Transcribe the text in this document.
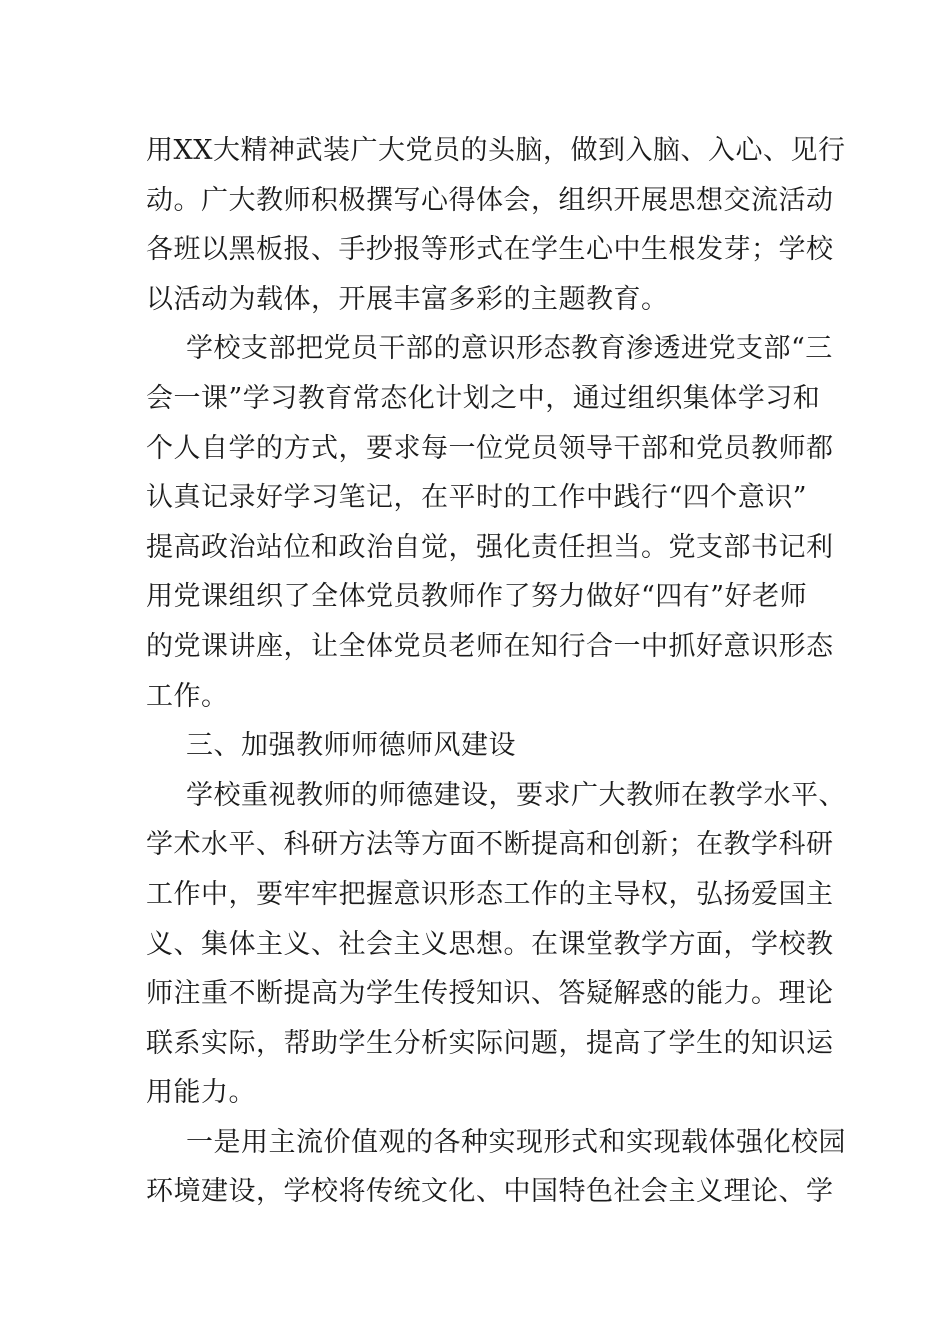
用XX大精神武装广大党员的头脑，做到入脑、入心、见行
动。广大教师积极撰写心得体会，组织开展思想交流活动
各班以黑板报、手抄报等形式在学生心中生根发芽；学校
以活动为载体，开展丰富多彩的主题教育。
学校支部把党员干部的意识形态教育渗透进党支部“三
会一课”学习教育常态化计划之中，通过组织集体学习和
个人自学的方式，要求每一位党员领导干部和党员教师都
认真记录好学习笔记，在平时的工作中践行“四个意识”
提高政治站位和政治自觉，强化责任担当。党支部书记利
用党课组织了全体党员教师作了努力做好“四有”好老师
的党课讲座，让全体党员老师在知行合一中抓好意识形态
工作。
三、加强教师师德师风建设
学校重视教师的师德建设，要求广大教师在教学水平、
学术水平、科研方法等方面不断提高和创新；在教学科研
工作中，要牢牢把握意识形态工作的主导权，弘扬爱国主
义、集体主义、社会主义思想。在课堂教学方面，学校教
师注重不断提高为学生传授知识、答疑解惑的能力。理论
联系实际，帮助学生分析实际问题，提高了学生的知识运
用能力。
一是用主流价值观的各种实现形式和实现载体强化校园
环境建设，学校将传统文化、中国特色社会主义理论、学
